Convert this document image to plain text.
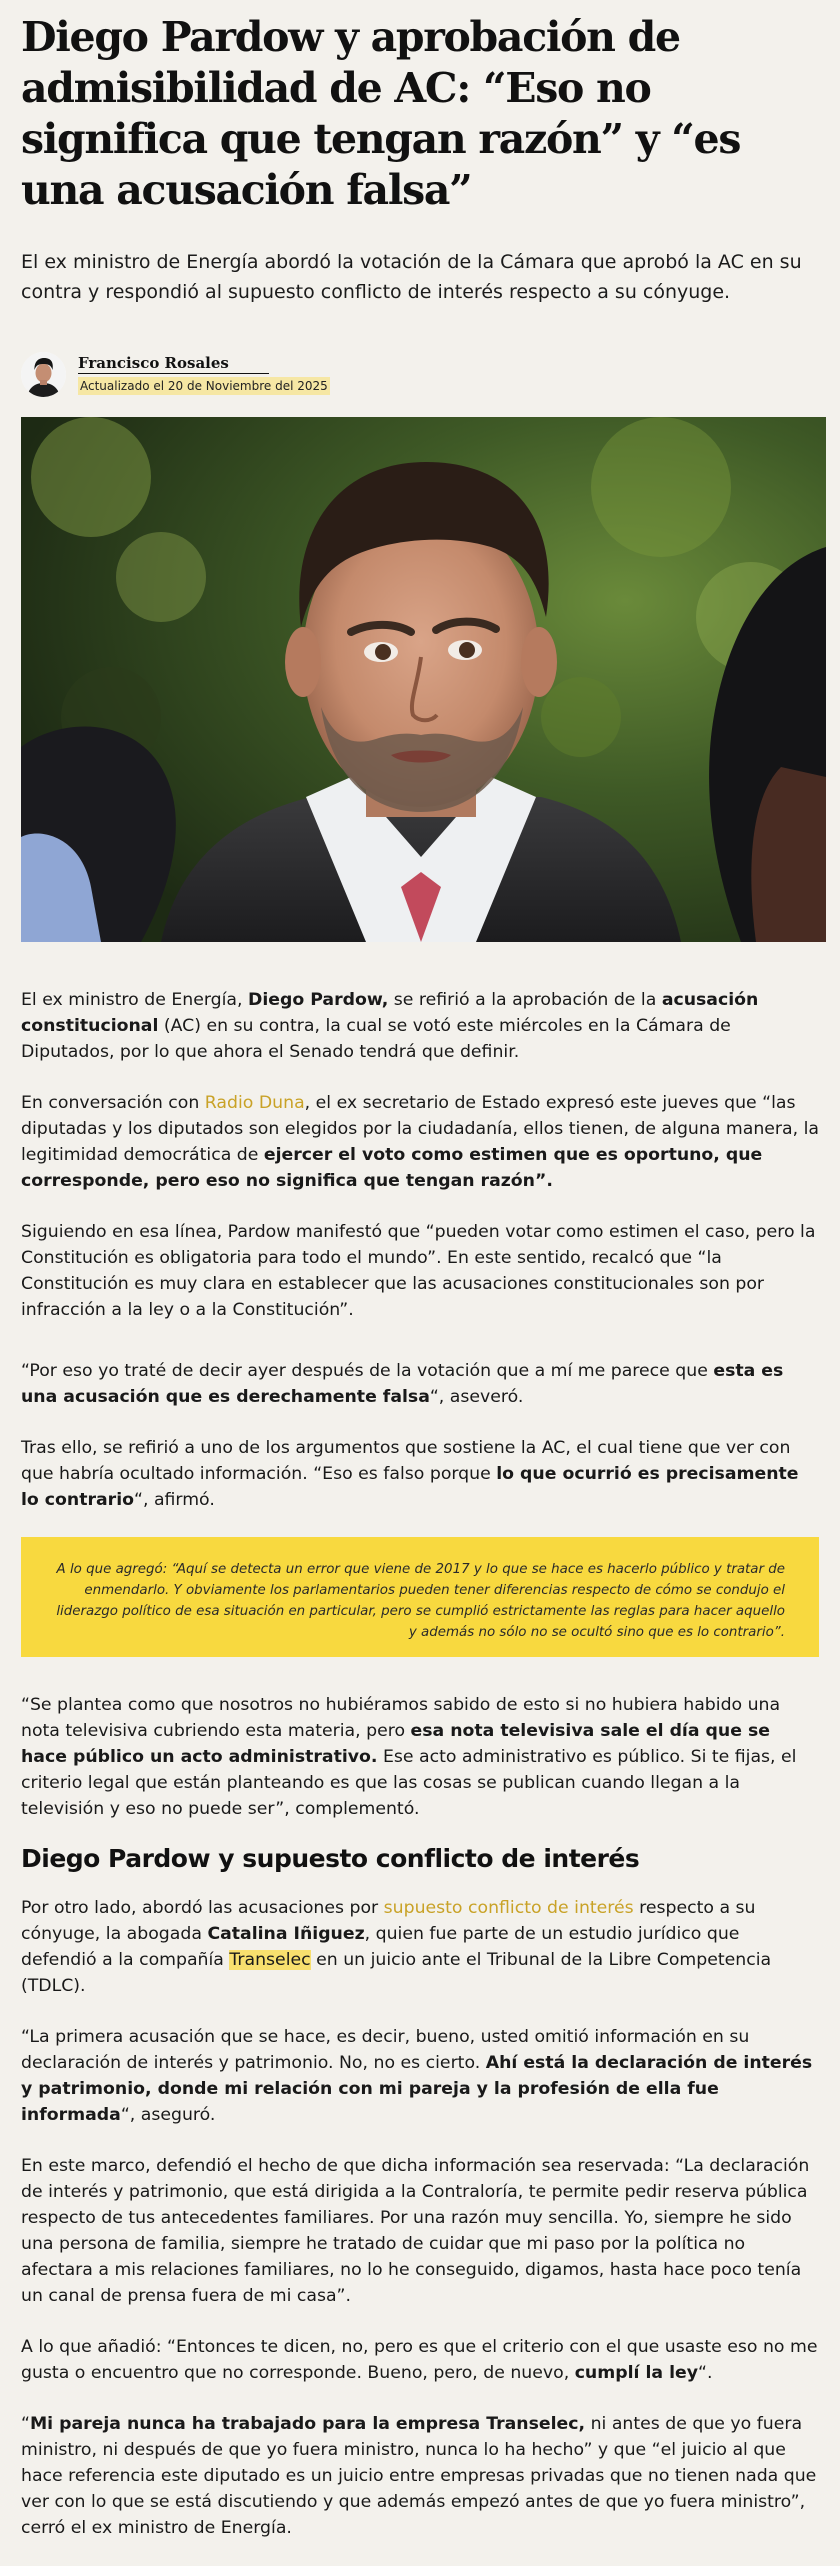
Diego Pardow y aprobación de admisibilidad de AC: “Eso no significa que tengan razón” y “es una acusación falsa”

El ex ministro de Energía abordó la votación de la Cámara que aprobó la AC en su contra y respondió al supuesto conflicto de interés respecto a su cónyuge.

Francisco Rosales
Actualizado el 20 de Noviembre del 2025

El ex ministro de Energía, Diego Pardow, se refirió a la aprobación de la acusación constitucional (AC) en su contra, la cual se votó este miércoles en la Cámara de Diputados, por lo que ahora el Senado tendrá que definir.

En conversación con Radio Duna, el ex secretario de Estado expresó este jueves que “las diputadas y los diputados son elegidos por la ciudadanía, ellos tienen, de alguna manera, la legitimidad democrática de ejercer el voto como estimen que es oportuno, que corresponde, pero eso no significa que tengan razón”.

Siguiendo en esa línea, Pardow manifestó que “pueden votar como estimen el caso, pero la Constitución es obligatoria para todo el mundo”. En este sentido, recalcó que “la Constitución es muy clara en establecer que las acusaciones constitucionales son por infracción a la ley o a la Constitución”.

“Por eso yo traté de decir ayer después de la votación que a mí me parece que esta es una acusación que es derechamente falsa“, aseveró.

Tras ello, se refirió a uno de los argumentos que sostiene la AC, el cual tiene que ver con que habría ocultado información. “Eso es falso porque lo que ocurrió es precisamente lo contrario“, afirmó.

A lo que agregó: “Aquí se detecta un error que viene de 2017 y lo que se hace es hacerlo público y tratar de enmendarlo. Y obviamente los parlamentarios pueden tener diferencias respecto de cómo se condujo el liderazgo político de esa situación en particular, pero se cumplió estrictamente las reglas para hacer aquello y además no sólo no se ocultó sino que es lo contrario”.

“Se plantea como que nosotros no hubiéramos sabido de esto si no hubiera habido una nota televisiva cubriendo esta materia, pero esa nota televisiva sale el día que se hace público un acto administrativo. Ese acto administrativo es público. Si te fijas, el criterio legal que están planteando es que las cosas se publican cuando llegan a la televisión y eso no puede ser”, complementó.

Diego Pardow y supuesto conflicto de interés

Por otro lado, abordó las acusaciones por supuesto conflicto de interés respecto a su cónyuge, la abogada Catalina Iñiguez, quien fue parte de un estudio jurídico que defendió a la compañía Transelec en un juicio ante el Tribunal de la Libre Competencia (TDLC).

“La primera acusación que se hace, es decir, bueno, usted omitió información en su declaración de interés y patrimonio. No, no es cierto. Ahí está la declaración de interés y patrimonio, donde mi relación con mi pareja y la profesión de ella fue informada“, aseguró.

En este marco, defendió el hecho de que dicha información sea reservada: “La declaración de interés y patrimonio, que está dirigida a la Contraloría, te permite pedir reserva pública respecto de tus antecedentes familiares. Por una razón muy sencilla. Yo, siempre he sido una persona de familia, siempre he tratado de cuidar que mi paso por la política no afectara a mis relaciones familiares, no lo he conseguido, digamos, hasta hace poco tenía un canal de prensa fuera de mi casa”.

A lo que añadió: “Entonces te dicen, no, pero es que el criterio con el que usaste eso no me gusta o encuentro que no corresponde. Bueno, pero, de nuevo, cumplí la ley“.

“Mi pareja nunca ha trabajado para la empresa Transelec, ni antes de que yo fuera ministro, ni después de que yo fuera ministro, nunca lo ha hecho” y que “el juicio al que hace referencia este diputado es un juicio entre empresas privadas que no tienen nada que ver con lo que se está discutiendo y que además empezó antes de que yo fuera ministro”, cerró el ex ministro de Energía.
